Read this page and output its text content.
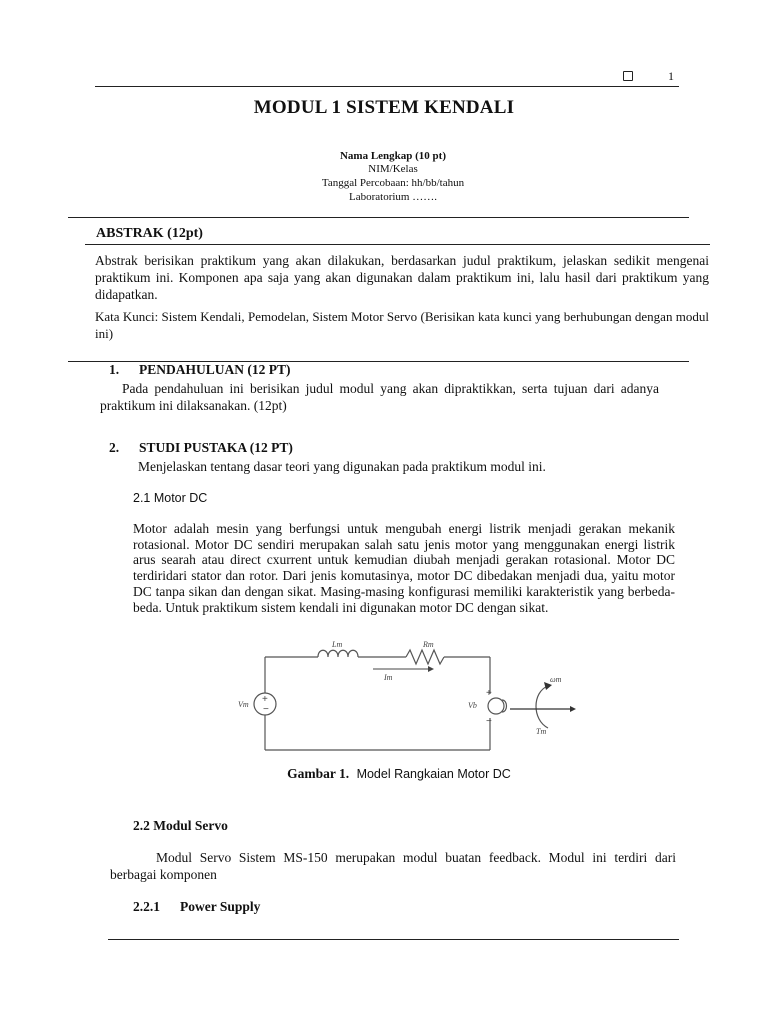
1
MODUL 1 SISTEM KENDALI
Nama Lengkap (10 pt)
NIM/Kelas
Tanggal Percobaan: hh/bb/tahun
Laboratorium …….
ABSTRAK (12pt)
Abstrak berisikan praktikum yang akan dilakukan, berdasarkan judul praktikum, jelaskan sedikit mengenai praktikum ini. Komponen apa saja yang akan digunakan dalam praktikum ini, lalu hasil dari praktikum yang didapatkan.
Kata Kunci: Sistem Kendali, Pemodelan, Sistem Motor Servo (Berisikan kata kunci yang berhubungan dengan modul ini)
1. PENDAHULUAN (12 PT)
Pada pendahuluan ini berisikan judul modul yang akan dipraktikkan, serta tujuan dari adanya praktikum ini dilaksanakan. (12pt)
2. STUDI PUSTAKA (12 PT)
Menjelaskan tentang dasar teori yang digunakan pada praktikum modul ini.
2.1 Motor DC
Motor adalah mesin yang berfungsi untuk mengubah energi listrik menjadi gerakan mekanik rotasional. Motor DC sendiri merupakan salah satu jenis motor yang menggunakan energi listrik arus searah atau direct cxurrent untuk kemudian diubah menjadi gerakan rotasional. Motor DC terdiridari stator dan rotor. Dari jenis komutasinya, motor DC dibedakan menjadi dua, yaitu motor DC tanpa sikan dan dengan sikat. Masing-masing konfigurasi memiliki karakteristik yang berbeda-beda. Untuk praktikum sistem kendali ini digunakan motor DC dengan sikat.
+
−
+
−
Lm	Rm
Im
Vm	Vb
ωm
Tm
Gambar 1. Model Rangkaian Motor DC
2.2 Modul Servo
Modul Servo Sistem MS-150 merupakan modul buatan feedback. Modul ini terdiri dari berbagai komponen
2.2.1 Power Supply
